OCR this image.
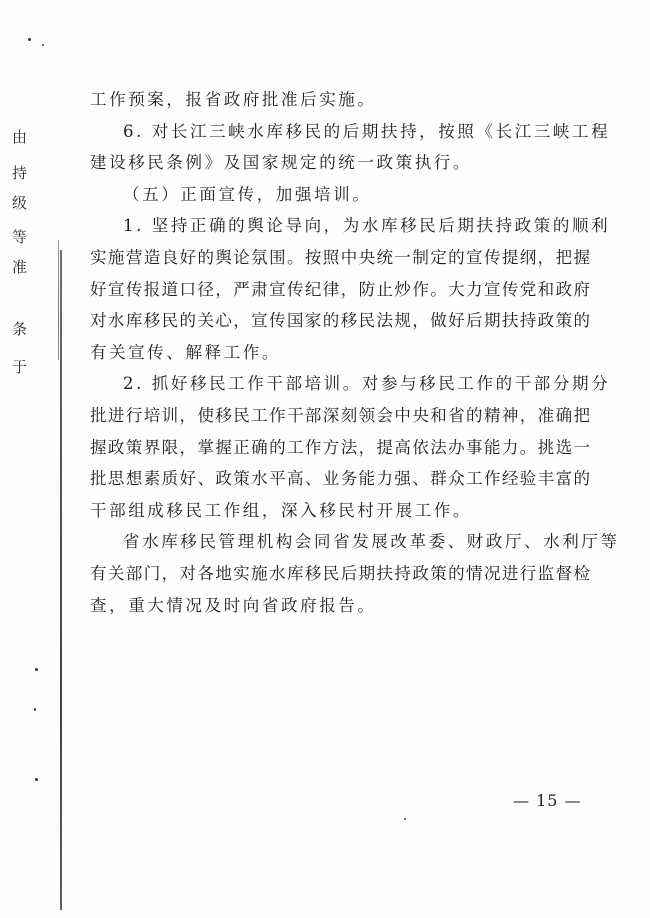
由
持
级
等
准
条
于
工作预案，报省政府批准后实施。
6. 对长江三峡水库移民的后期扶持，按照《长江三峡工程
建设移民条例》及国家规定的统一政策执行。
（五）正面宣传，加强培训。
1. 坚持正确的舆论导向，为水库移民后期扶持政策的顺利
实施营造良好的舆论氛围。按照中央统一制定的宣传提纲，把握
好宣传报道口径，严肃宣传纪律，防止炒作。大力宣传党和政府
对水库移民的关心，宣传国家的移民法规，做好后期扶持政策的
有关宣传、解释工作。
2. 抓好移民工作干部培训。对参与移民工作的干部分期分
批进行培训，使移民工作干部深刻领会中央和省的精神，准确把
握政策界限，掌握正确的工作方法，提高依法办事能力。挑选一
批思想素质好、政策水平高、业务能力强、群众工作经验丰富的
干部组成移民工作组，深入移民村开展工作。
省水库移民管理机构会同省发展改革委、财政厅、水利厅等
有关部门，对各地实施水库移民后期扶持政策的情况进行监督检
查，重大情况及时向省政府报告。
— 15 —
